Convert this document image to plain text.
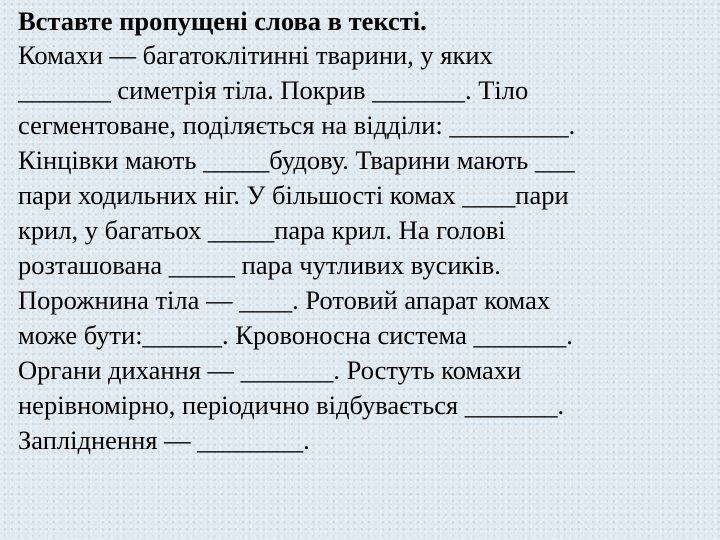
Вставте пропущені слова в тексті.

Комахи — багатоклітинні тварини, у яких

_______ симетрія тіла. Покрив _______. Тіло

сегментоване, поділяється на відділи: _________.

Кінцівки мають _____будову. Тварини мають ___

пари ходильних ніг. У більшості комах ____пари

крил, у багатьох _____пара крил. На голові

розташована _____ пара чутливих вусиків.

Порожнина тіла — ____. Ротовий апарат комах

може бути:______. Кровоносна система _______.

Органи дихання — _______. Ростуть комахи

нерівномірно, періодично відбувається _______.

Запліднення — ________.
